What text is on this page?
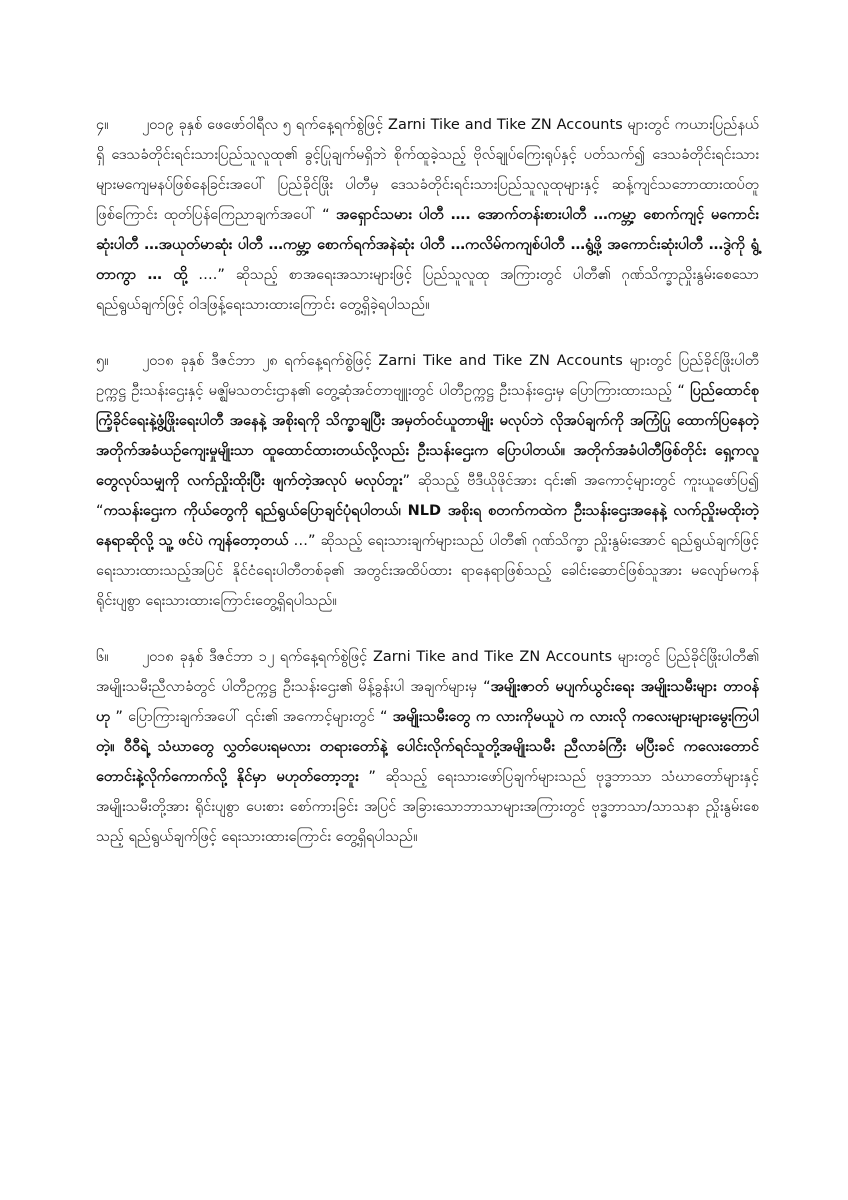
၄။ ၂၀၁၉ ခုနှစ် ဖေဖော်ဝါရီလ ၅ ရက်နေ့ရက်စွဲဖြင့် Zarni Tike and Tike ZN Accounts များတွင် ကယားပြည်နယ်ရှိ ဒေသခံတိုင်းရင်းသားပြည်သူလူထု၏ ခွင့်ပြုချက်မရှိဘဲ စိုက်ထူခဲ့သည့် ဗိုလ်ချုပ်ကြေးရုပ်နှင့် ပတ်သက်၍ ဒေသခံတိုင်းရင်းသားများမကျေမနပ်ဖြစ်နေခြင်းအပေါ် ပြည်ခိုင်ဖြိုး ပါတီမှ ဒေသခံတိုင်းရင်းသားပြည်သူလူထုများနှင့် ဆန့်ကျင်သဘောထားထပ်တူဖြစ်ကြောင်း ထုတ်ပြန်ကြေညာချက်အပေါ် “ အရှောင်သမား ပါတီ …. အောက်တန်းစားပါတီ …ကမ္ဘာ့ စောက်ကျင့် မကောင်းဆုံးပါတီ …အယုတ်မာဆုံး ပါတီ …ကမ္ဘာ့ စောက်ရက်အနဲဆုံး ပါတီ …ကလိမ်ကကျစ်ပါတီ …ရွံ့ဖို့ အကောင်းဆုံးပါတီ …ဒွဲကို ရွံ့တာကွာ … ထို့ ….” ဆိုသည့် စာအရေးအသားများဖြင့် ပြည်သူလူထု အကြားတွင် ပါတီ၏ ဂုဏ်သိက္ခာညှိုးနွမ်းစေသောရည်ရွယ်ချက်ဖြင့် ဝါဒဖြန့်ရေးသားထားကြောင်း တွေ့ရှိခဲ့ရပါသည်။

၅။ ၂၀၁၈ ခုနှစ် ဒီဇင်ဘာ ၂၈ ရက်နေ့ရက်စွဲဖြင့် Zarni Tike and Tike ZN Accounts များတွင် ပြည်ခိုင်ဖြိုးပါတီဥက္ကဋ္ဌ ဦးသန်းဌေးနှင့် မဇ္ဈိမသတင်းဌာန၏ တွေ့ဆုံအင်တာဗျူးတွင် ပါတီဥက္ကဋ္ဌ ဦးသန်းဌေးမှ ပြောကြားထားသည့် “ ပြည်ထောင်စုကြံ့ခိုင်ရေးနဲ့ဖွံ့ဖြိုးရေးပါတီ အနေနဲ့ အစိုးရကို သိက္ခာချပြီး အမှတ်ဝင်ယူတာမျိုး မလုပ်ဘဲ လိုအပ်ချက်ကို အကြံပြု ထောက်ပြနေတဲ့ အတိုက်အခံယဉ်ကျေးမှုမျိုးသာ ထူထောင်ထားတယ်လို့လည်း ဦးသန်းဌေးက ပြောပါတယ်။ အတိုက်အခံပါတီဖြစ်တိုင်း ရှေ့ကလူတွေလုပ်သမျှကို လက်ညှိုးထိုးပြီး ဖျက်တဲ့အလုပ် မလုပ်ဘူး” ဆိုသည့် ဗီဒီယိုဖိုင်အား ၎င်း၏ အကောင့်များတွင် ကူးယူဖော်ပြ၍ “ကသန်းဌေးက ကိုယ်တွေကို ရည်ရွယ်ပြောချင်ပုံရပါတယ်၊ NLD အစိုးရ စတက်ကထဲက ဦးသန်းဌေးအနေနဲ့ လက်ညှိုးမထိုးတဲ့ နေရာဆိုလို့ သူ့ ဖင်ပဲ ကျန်တော့တယ် …” ဆိုသည့် ရေးသားချက်များသည် ပါတီ၏ ဂုဏ်သိက္ခာ ညှိုးနွမ်းအောင် ရည်ရွယ်ချက်ဖြင့် ရေးသားထားသည့်အပြင် နိုင်ငံရေးပါတီတစ်ခု၏ အတွင်းအထိပ်ထား ရာနေရာဖြစ်သည့် ခေါင်းဆောင်ဖြစ်သူအား မလျော်မကန်ရိုင်းပျစွာ ရေးသားထားကြောင်းတွေ့ရှိရပါသည်။

၆။ ၂၀၁၈ ခုနှစ် ဒီဇင်ဘာ ၁၂ ရက်နေ့ရက်စွဲဖြင့် Zarni Tike and Tike ZN Accounts များတွင် ပြည်ခိုင်ဖြိုးပါတီ၏ အမျိုးသမီးညီလာခံတွင် ပါတီဥက္ကဋ္ဌ ဦးသန်းဌေး၏ မိန့်ခွန်းပါ အချက်များမှ “အမျိုးဇာတ် မပျက်ယွင်းရေး အမျိုးသမီးများ တာဝန်ဟု ” ပြောကြားချက်အပေါ် ၎င်း၏ အကောင့်များတွင် “ အမျိုးသမီးတွေ က လားကိုမယူပဲ က လားလို ကလေးများများမွေးကြပါတဲ့။ ဝီဝီရဲ့ သံဃာတွေ လွှတ်ပေးရမလား တရားတော်နဲ့ ပေါင်းလိုက်ရင်သူတို့အမျိုးသမီး ညီလာခံကြီး မပြီးခင် ကလေးတောင် တောင်းနဲ့လိုက်ကောက်လို့ နိုင်မှာ မဟုတ်တော့ဘူး ” ဆိုသည့် ရေးသားဖော်ပြချက်များသည် ဗုဒ္ဓဘာသာ သံဃာတော်များနှင့် အမျိုးသမီးတို့အား ရိုင်းပျစွာ ပေးစား စော်ကားခြင်း အပြင် အခြားသောဘာသာများအကြားတွင် ဗုဒ္ဓဘာသာ/သာသနာ ညှိုးနွမ်းစေသည့် ရည်ရွယ်ချက်ဖြင့် ရေးသားထားကြောင်း တွေ့ရှိရပါသည်။
